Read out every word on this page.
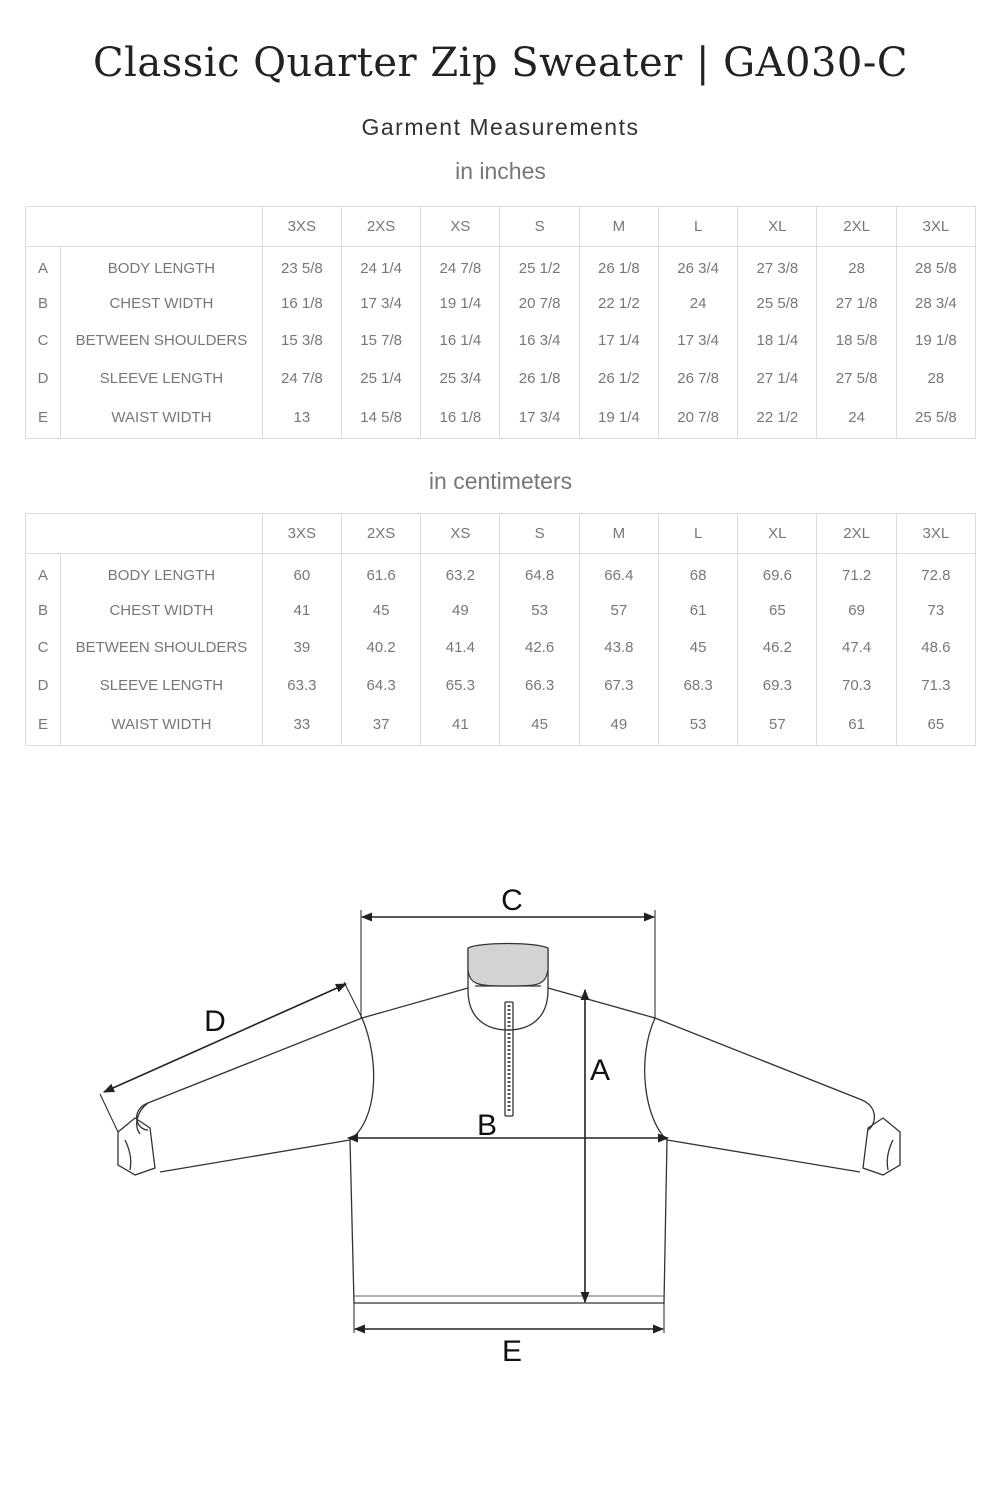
Classic Quarter Zip Sweater | GA030-C
Garment Measurements
in inches
		3XS	2XS	XS	S	M	L	XL	2XL	3XL
A	BODY LENGTH	23 5/8	24 1/4	24 7/8	25 1/2	26 1/8	26 3/4	27 3/8	28	28 5/8
B	CHEST WIDTH	16 1/8	17 3/4	19 1/4	20 7/8	22 1/2	24	25 5/8	27 1/8	28 3/4
C	BETWEEN SHOULDERS	15 3/8	15 7/8	16 1/4	16 3/4	17 1/4	17 3/4	18 1/4	18 5/8	19 1/8
D	SLEEVE LENGTH	24 7/8	25 1/4	25 3/4	26 1/8	26 1/2	26 7/8	27 1/4	27 5/8	28
E	WAIST WIDTH	13	14 5/8	16 1/8	17 3/4	19 1/4	20 7/8	22 1/2	24	25 5/8
in centimeters
		3XS	2XS	XS	S	M	L	XL	2XL	3XL
A	BODY LENGTH	60	61.6	63.2	64.8	66.4	68	69.6	71.2	72.8
B	CHEST WIDTH	41	45	49	53	57	61	65	69	73
C	BETWEEN SHOULDERS	39	40.2	41.4	42.6	43.8	45	46.2	47.4	48.6
D	SLEEVE LENGTH	63.3	64.3	65.3	66.3	67.3	68.3	69.3	70.3	71.3
E	WAIST WIDTH	33	37	41	45	49	53	57	61	65
C
A
B
E
D
